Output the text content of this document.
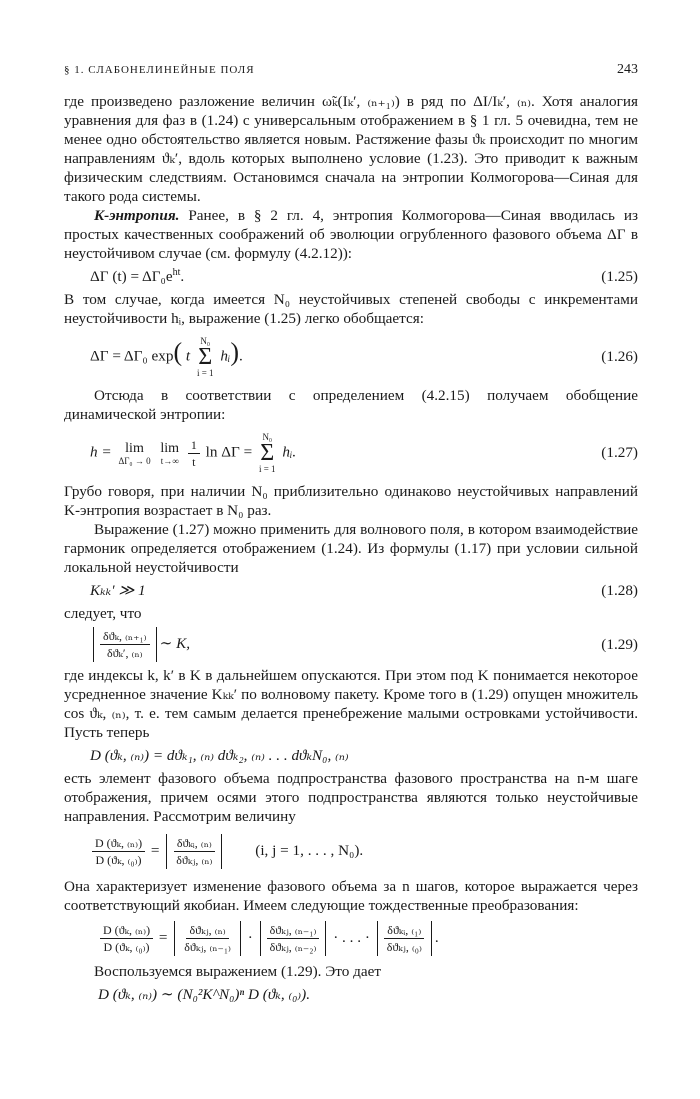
§ 1. СЛАБОНЕЛИНЕЙНЫЕ ПОЛЯ	243

где произведено разложение величин ω̃ₖ(Iₖ′, ₍ₙ₊₁₎) в ряд по ΔI/Iₖ′, ₍ₙ₎. Хотя аналогия уравнения для фаз в (1.24) с универсальным отображением в § 1 гл. 5 очевидна, тем не менее одно обстоятельство является новым. Растяжение фазы ϑₖ происходит по многим направлениям ϑₖ′, вдоль которых выполнено условие (1.23). Это приводит к важным физическим следствиям. Остановимся сначала на энтропии Колмогорова—Синая для такого рода системы.

K-энтропия. Ранее, в § 2 гл. 4, энтропия Колмогорова—Синая вводилась из простых качественных соображений об эволюции огрубленного фазового объема ΔΓ в неустойчивом случае (см. формулу (4.2.12)):

ΔΓ $(t) = \Delta\Gamma_0e^{ht}$.	(1.25)

В том случае, когда имеется N₀ неустойчивых степеней свободы с инкрементами неустойчивости hᵢ, выражение (1.25) легко обобщается:

ΔΓ = ΔΓ₀ exp( t
N₀
Σ
i = 1
hᵢ).	(1.26)

Отсюда в соответствии с определением (4.2.15) получаем обобщение динамической энтропии:

h = lim
ΔΓ₀ → 0

lim
t→∞
$\frac{1}{t}$ ln ΔΓ =
N₀
Σ
i = 1
hᵢ.	(1.27)

Грубо говоря, при наличии N₀ приблизительно одинаково неустойчивых направлений K-энтропия возрастает в N₀ раз.

Выражение (1.27) можно применить для волнового поля, в котором взаимодействие гармоник определяется отображением (1.24). Из формулы (1.17) при условии сильной локальной неустойчивости

Kₖₖ′ ≫ 1	(1.28)

следует, что

$\frac{\text{δϑₖ, ₍ₙ₊₁₎}}{\text{δϑₖ′, ₍ₙ₎}}$ ∼ K,	(1.29)

где индексы k, k′ в K в дальнейшем опускаются. При этом под K понимается некоторое усредненное значение Kₖₖ′ по волновому пакету. Кроме того в (1.29) опущен множитель cos ϑₖ, ₍ₙ₎, т. е. тем самым делается пренебрежение малыми островками устойчивости. Пусть теперь

D (ϑₖ, ₍ₙ₎) = dϑₖ₁, ₍ₙ₎ dϑₖ₂, ₍ₙ₎ . . . dϑₖN₀, ₍ₙ₎

есть элемент фазового объема подпространства фазового пространства на n-м шаге отображения, причем осями этого подпространства являются только неустойчивые направления. Рассмотрим величину

$\frac{\text{D (ϑₖ, ₍ₙ₎)}}{\text{D (ϑₖ, ₍₀₎)}} = \frac{\text{δϑₖᵢ, ₍ₙ₎}}{\text{δϑₖⱼ, ₍ₙ₎}}$	(i, j = 1, . . . , N₀).

Она характеризует изменение фазового объема за n шагов, которое выражается через соответствующий якобиан. Имеем следующие тождественные преобразования:

$\frac{\text{D (ϑₖ, ₍ₙ₎)}}{\text{D (ϑₖ, ₍₀₎)}} = \frac{\text{δϑₖⱼ, ₍ₙ₎}}{\text{δϑₖⱼ, ₍ₙ₋₁₎}} \cdot \frac{\text{δϑₖⱼ, ₍ₙ₋₁₎}}{\text{δϑₖⱼ, ₍ₙ₋₂₎}}$ · . . . · $\frac{\text{δϑₖᵢ, ₍₁₎}}{\text{δϑₖⱼ, ₍₀₎}}$ .

Воспользуемся выражением (1.29). Это дает

D (ϑₖ, ₍ₙ₎) ∼ (N₀²K^N₀)ⁿ D (ϑₖ, ₍₀₎).
